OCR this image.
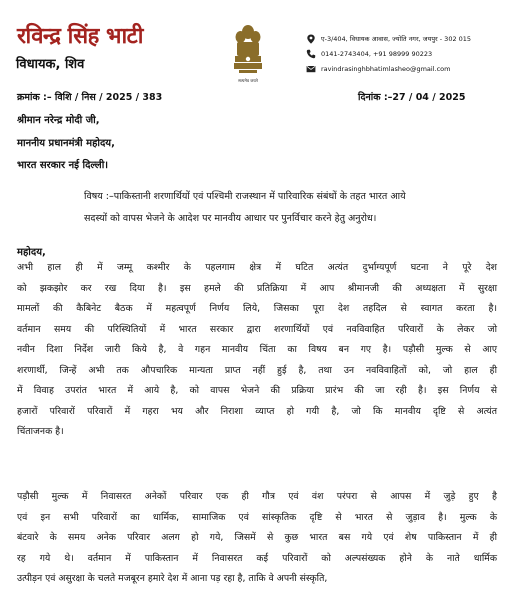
रविन्द्र सिंह भाटी
विधायक, शिव
सत्यमेव जयते
ए-3/404, विधायक आवास, ज्योति नगर, जयपुर - 302 015
0141-2743404, +91 98999 90223
ravindrasinghbhatimlasheo@gmail.com
क्रमांक :– विशि / निस / 2025 / 383	दिनांक :–27 / 04 / 2025
श्रीमान नरेन्द्र मोदी जी,
माननीय प्रधानमंत्री महोदय,
भारत सरकार नई दिल्ली।
विषय :–पाकिस्तानी शरणार्थियों एवं पश्चिमी राजस्थान में पारिवारिक संबंधों के तहत भारत आये
सदस्यों को वापस भेजने के आदेश पर मानवीय आधार पर पुनर्विचार करने हेतु अनुरोध।
महोदय,
अभी हाल ही में जम्मू कश्मीर के पहलगाम क्षेत्र में घटित अत्यंत दुर्भाग्यपूर्ण घटना ने पूरे देश
को झकझोर कर रख दिया है। इस हमले की प्रतिक्रिया में आप श्रीमानजी की अध्यक्षता में सुरक्षा
मामलों की कैबिनेट बैठक में महत्वपूर्ण निर्णय लिये, जिसका पूरा देश तहदिल से स्वागत करता है।
वर्तमान समय की परिस्थितियों में भारत सरकार द्वारा शरणार्थियों एवं नवविवाहित परिवारों के लेकर जो
नवीन दिशा निर्देश जारी किये है, वे गहन मानवीय चिंता का विषय बन गए है। पड़ौसी मुल्क से आए
शरणार्थी, जिन्हें अभी तक औपचारिक मान्यता प्राप्त नहीं हुई है, तथा उन नवविवाहितों को, जो हाल ही
में विवाह उपरांत भारत में आये है, को वापस भेजने की प्रक्रिया प्रारंभ की जा रही है। इस निर्णय से
हजारों परिवारों परिवारों में गहरा भय और निराशा व्याप्त हो गयी है, जो कि मानवीय दृष्टि से अत्यंत
चिंताजनक है।
पड़ौसी मुल्क में निवासरत अनेकों परिवार एक ही गौत्र एवं वंश परंपरा से आपस में जुड़े हुए है
एवं इन सभी परिवारों का धार्मिक, सामाजिक एवं सांस्कृतिक दृष्टि से भारत से जुड़ाव है। मुल्क के
बंटवारे के समय अनेक परिवार अलग हो गये, जिसमें से कुछ भारत बस गये एवं शेष पाकिस्तान में ही
रह गये थे। वर्तमान में पाकिस्तान में निवासरत कई परिवारों को अल्पसंख्यक होने के नाते धार्मिक
उत्पीड़न एवं असुरक्षा के चलते मजबूरन हमारे देश में आना पड़ रहा है, ताकि वे अपनी संस्कृति,
